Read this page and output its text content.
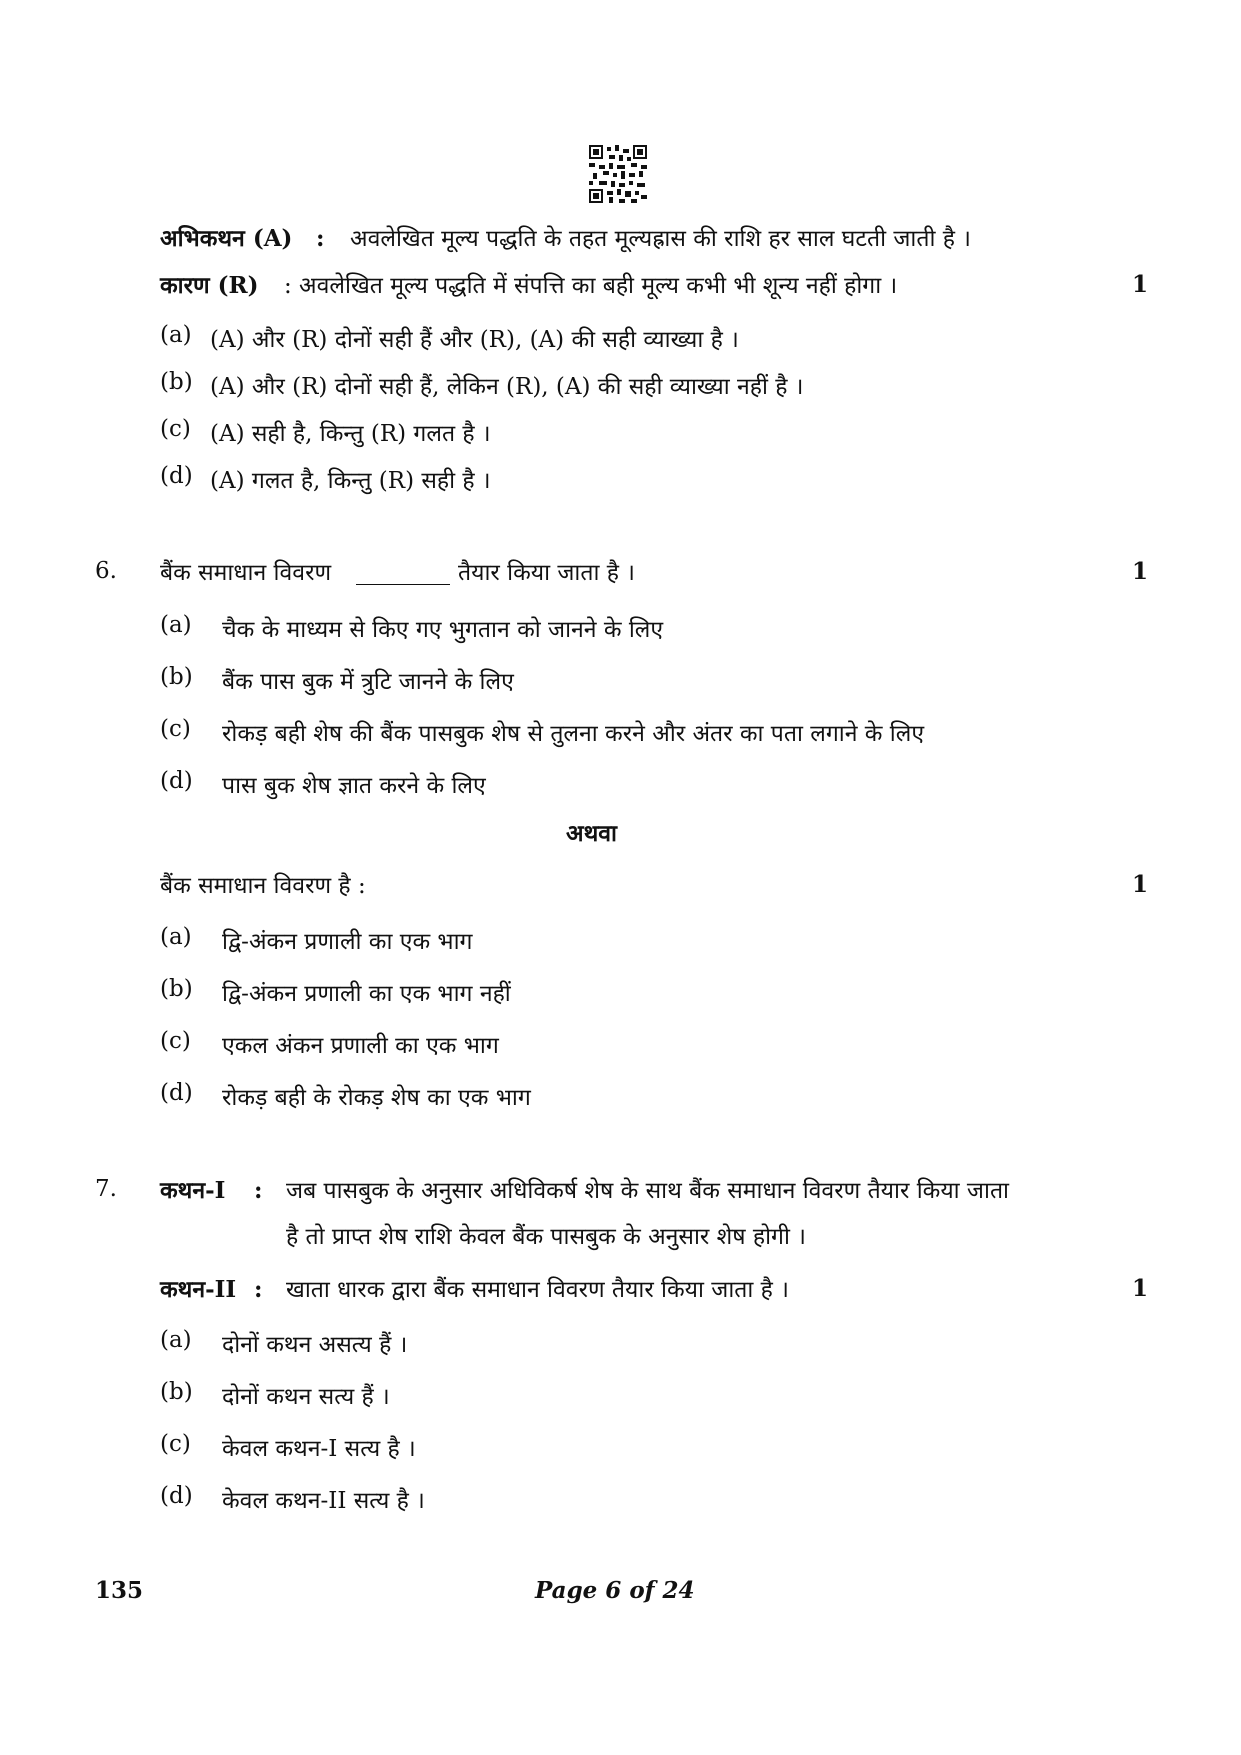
अभिकथन (A) : अवलेखित मूल्य पद्धति के तहत मूल्यह्रास की राशि हर साल घटती जाती है ।
कारण (R) : अवलेखित मूल्य पद्धति में संपत्ति का बही मूल्य कभी भी शून्य नहीं होगा ।	1
(a) (A) और (R) दोनों सही हैं और (R), (A) की सही व्याख्या है ।
(b) (A) और (R) दोनों सही हैं, लेकिन (R), (A) की सही व्याख्या नहीं है ।
(c) (A) सही है, किन्तु (R) गलत है ।
(d) (A) गलत है, किन्तु (R) सही है ।
6. बैंक समाधान विवरण	तैयार किया जाता है ।	1
(a) चैक के माध्यम से किए गए भुगतान को जानने के लिए
(b) बैंक पास बुक में त्रुटि जानने के लिए
(c) रोकड़ बही शेष की बैंक पासबुक शेष से तुलना करने और अंतर का पता लगाने के लिए
(d) पास बुक शेष ज्ञात करने के लिए
अथवा
बैंक समाधान विवरण है :	1
(a) द्वि-अंकन प्रणाली का एक भाग
(b) द्वि-अंकन प्रणाली का एक भाग नहीं
(c) एकल अंकन प्रणाली का एक भाग
(d) रोकड़ बही के रोकड़ शेष का एक भाग
7. कथन-I : जब पासबुक के अनुसार अधिविकर्ष शेष के साथ बैंक समाधान विवरण तैयार किया जाता
है तो प्राप्त शेष राशि केवल बैंक पासबुक के अनुसार शेष होगी ।
कथन-II : खाता धारक द्वारा बैंक समाधान विवरण तैयार किया जाता है ।	1
(a) दोनों कथन असत्य हैं ।
(b) दोनों कथन सत्य हैं ।
(c) केवल कथन-I सत्य है ।
(d) केवल कथन-II सत्य है ।
135	Page 6 of 24
